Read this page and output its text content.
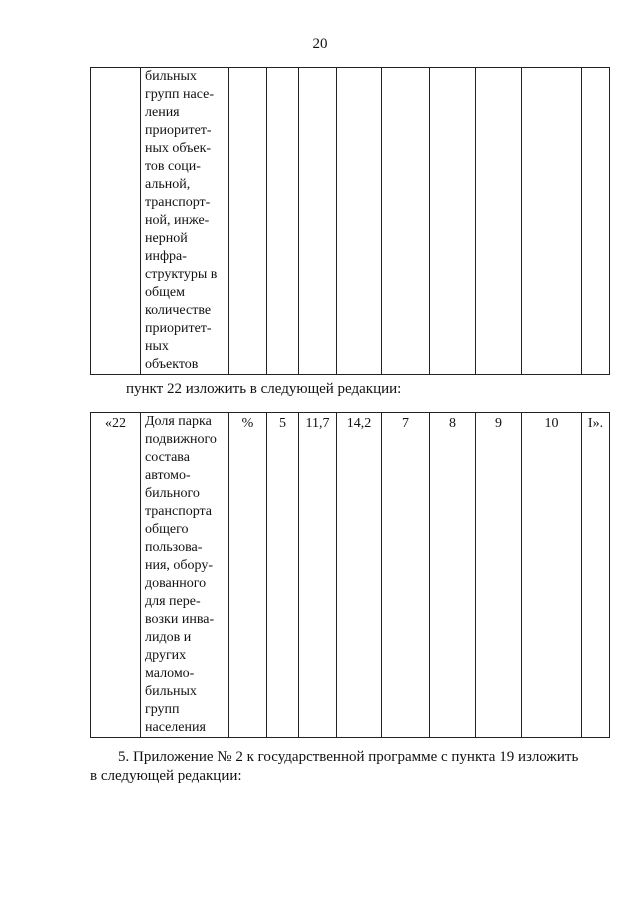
20

бильных
групп насе-
ления
приоритет-
ных объек-
тов соци-
альной,
транспорт-
ной, инже-
нерной
инфра-
структуры в
общем
количестве
приоритет-
ных
объектов

пункт 22 изложить в следующей редакции:
«22	Доля парка
подвижного
состава
автомо-
бильного
транспорта
общего
пользова-
ния, обору-
дованного
для пере-
возки инва-
лидов и
других
маломо-
бильных
групп
населения
	%	5	11,7	14,2	7	8	9	10	I».
5. Приложение № 2 к государственной программе с пункта 19 изложить
в следующей редакции:
